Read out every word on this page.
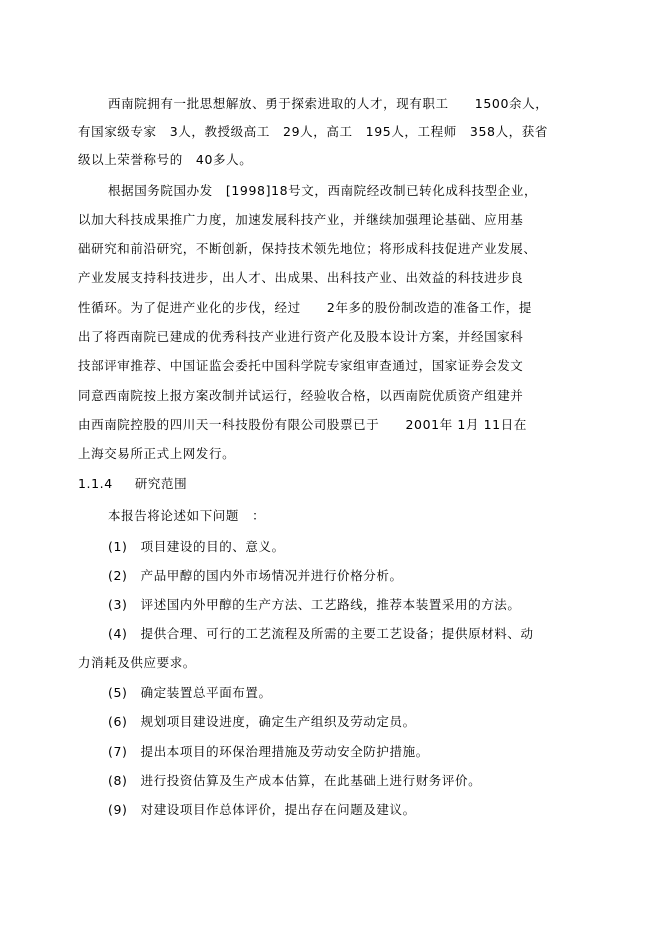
西南院拥有一批思想解放、勇于探索进取的人才，现有职工　　1500余人，
有国家级专家　3人，教授级高工　29人，高工　195人，工程师　358人，获省
级以上荣誉称号的　40多人。
根据国务院国办发　[1998]18号文，西南院经改制已转化成科技型企业，
以加大科技成果推广力度，加速发展科技产业，并继续加强理论基础、应用基
础研究和前沿研究，不断创新，保持技术领先地位；将形成科技促进产业发展、
产业发展支持科技进步，出人才、出成果、出科技产业、出效益的科技进步良
性循环。为了促进产业化的步伐，经过　　2年多的股份制改造的准备工作，提
出了将西南院已建成的优秀科技产业进行资产化及股本设计方案，并经国家科
技部评审推荐、中国证监会委托中国科学院专家组审查通过，国家证券会发文
同意西南院按上报方案改制并试运行，经验收合格，以西南院优质资产组建并
由西南院控股的四川天一科技股份有限公司股票已于　　2001年 1月 11日在
上海交易所正式上网发行。
1.1.4 研究范围
本报告将论述如下问题　：
(1)　项目建设的目的、意义。
(2)　产品甲醇的国内外市场情况并进行价格分析。
(3)　评述国内外甲醇的生产方法、工艺路线，推荐本装置采用的方法。
(4)　提供合理、可行的工艺流程及所需的主要工艺设备；提供原材料、动
力消耗及供应要求。
(5)　确定装置总平面布置。
(6)　规划项目建设进度，确定生产组织及劳动定员。
(7)　提出本项目的环保治理措施及劳动安全防护措施。
(8)　进行投资估算及生产成本估算，在此基础上进行财务评价。
(9)　对建设项目作总体评价，提出存在问题及建议。
